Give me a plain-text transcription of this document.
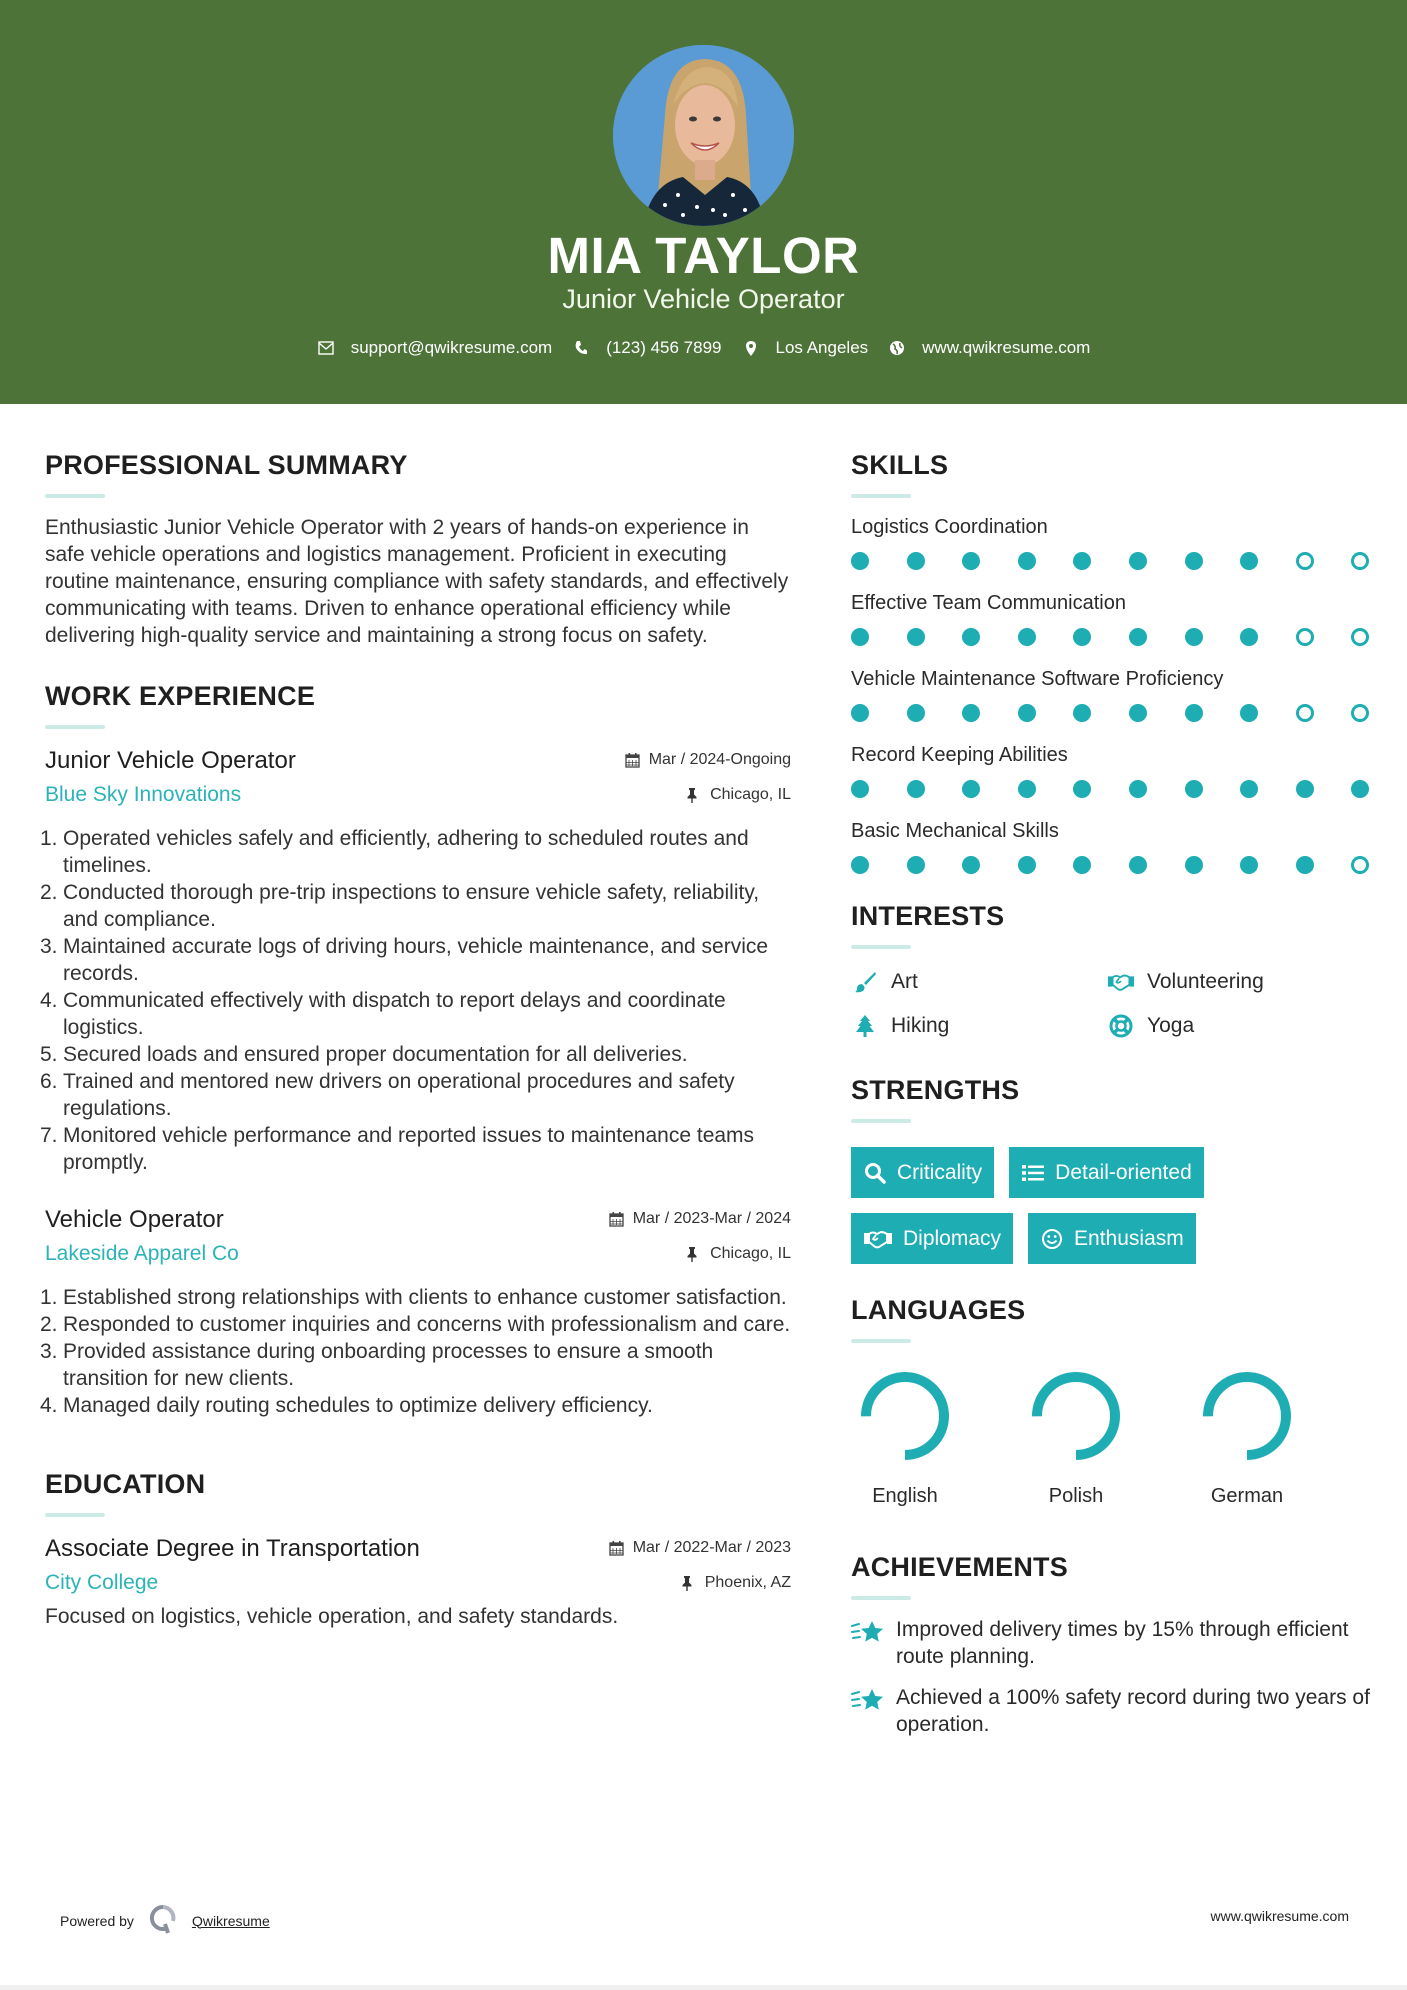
MIA TAYLOR
Junior Vehicle Operator
support@qwikresume.com	(123) 456 7899	Los Angeles	www.qwikresume.com
PROFESSIONAL SUMMARY

Enthusiastic Junior Vehicle Operator with 2 years of hands-on experience in safe vehicle operations and logistics management. Proficient in executing routine maintenance, ensuring compliance with safety standards, and effectively communicating with teams. Driven to enhance operational efficiency while delivering high-quality service and maintaining a strong focus on safety.

WORK EXPERIENCE
Junior Vehicle Operator	Mar / 2024-Ongoing
Blue Sky Innovations	Chicago, IL
1. Operated vehicles safely and efficiently, adhering to scheduled routes and timelines.
2. Conducted thorough pre-trip inspections to ensure vehicle safety, reliability, and compliance.
3. Maintained accurate logs of driving hours, vehicle maintenance, and service records.
4. Communicated effectively with dispatch to report delays and coordinate logistics.
5. Secured loads and ensured proper documentation for all deliveries.
6. Trained and mentored new drivers on operational procedures and safety regulations.
7. Monitored vehicle performance and reported issues to maintenance teams promptly.
Vehicle Operator	Mar / 2023-Mar / 2024
Lakeside Apparel Co	Chicago, IL
1. Established strong relationships with clients to enhance customer satisfaction.
2. Responded to customer inquiries and concerns with professionalism and care.
3. Provided assistance during onboarding processes to ensure a smooth transition for new clients.
4. Managed daily routing schedules to optimize delivery efficiency.
EDUCATION
Associate Degree in Transportation	Mar / 2022-Mar / 2023
City College	Phoenix, AZ

Focused on logistics, vehicle operation, and safety standards.

SKILLS
Logistics Coordination
Effective Team Communication
Vehicle Maintenance Software Proficiency
Record Keeping Abilities
Basic Mechanical Skills
INTERESTS
Art	Volunteering
Hiking	Yoga
STRENGTHS
Criticality	Detail-oriented
Diplomacy	Enthusiasm
LANGUAGES
English	Polish	German
ACHIEVEMENTS
Improved delivery times by 15% through efficient route planning.
Achieved a 100% safety record during two years of operation.
Powered by	Qwikresume	www.qwikresume.com
